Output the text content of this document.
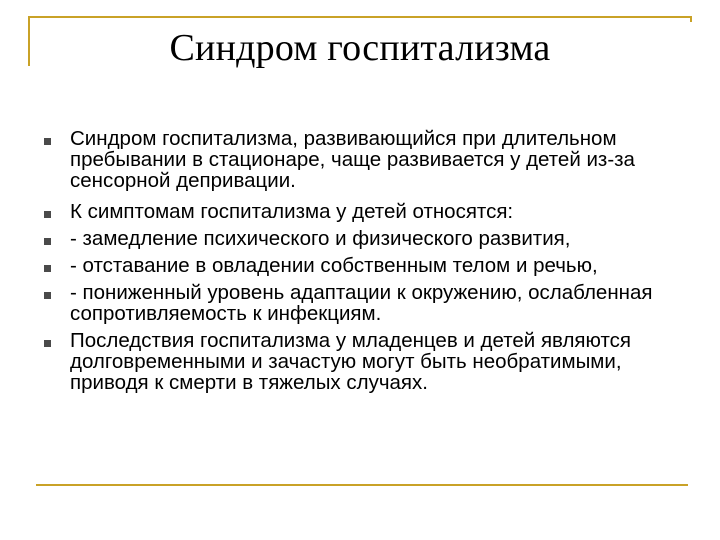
Синдром госпитализма
Синдром госпитализма, развивающийся при длительном пребывании в стационаре, чаще развивается у детей из-за сенсорной депривации.
К симптомам госпитализма у детей относятся:
- замедление психического и физического развития,
- отставание в овладении собственным телом и речью,
- пониженный уровень адаптации к окружению, ослабленная сопротивляемость к инфекциям.
Последствия госпитализма у младенцев и детей являются долговременными и зачастую могут быть необратимыми, приводя к смерти в тяжелых случаях.
